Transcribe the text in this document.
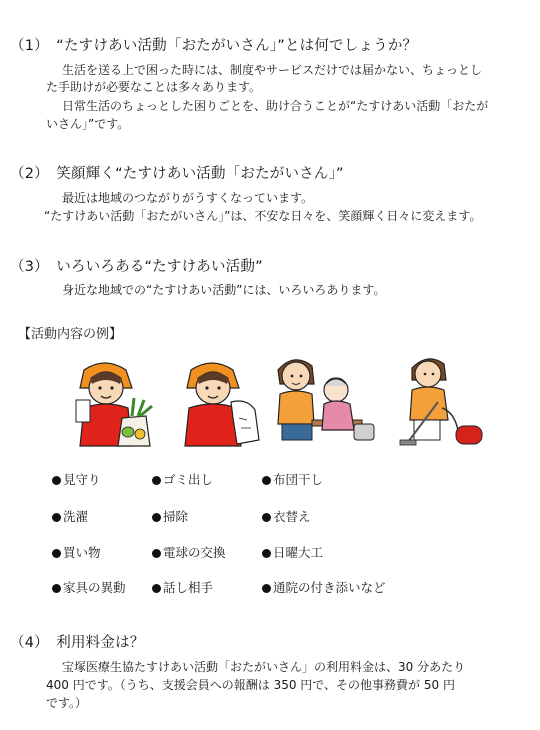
（1）　“たすけあい活動「おたがいさん」”とは何でしょうか？
生活を送る上で困った時には、制度やサービスだけでは届かない、ちょっとし
た手助けが必要なことは多々あります。
日常生活のちょっとした困りごとを、助け合うことが“たすけあい活動「おたが
いさん」”です。
（2）　笑顔輝く“たすけあい活動「おたがいさん」”
最近は地域のつながりがうすくなっています。
“たすけあい活動「おたがいさん」”は、不安な日々を、笑顔輝く日々に変えます。
（3）　いろいろある“たすけあい活動”
身近な地域での“たすけあい活動”には、いろいろあります。
【活動内容の例】
見守り	ゴミ出し	布団干し
洗濯	掃除	衣替え
買い物	電球の交換	日曜大工
家具の異動	話し相手	通院の付き添いなど
（4）　利用料金は？
宝塚医療生協たすけあい活動「おたがいさん」の利用料金は、30 分あたり
400 円です。（うち、支援会員への報酬は 350 円で、その他事務費が 50 円
です。）
